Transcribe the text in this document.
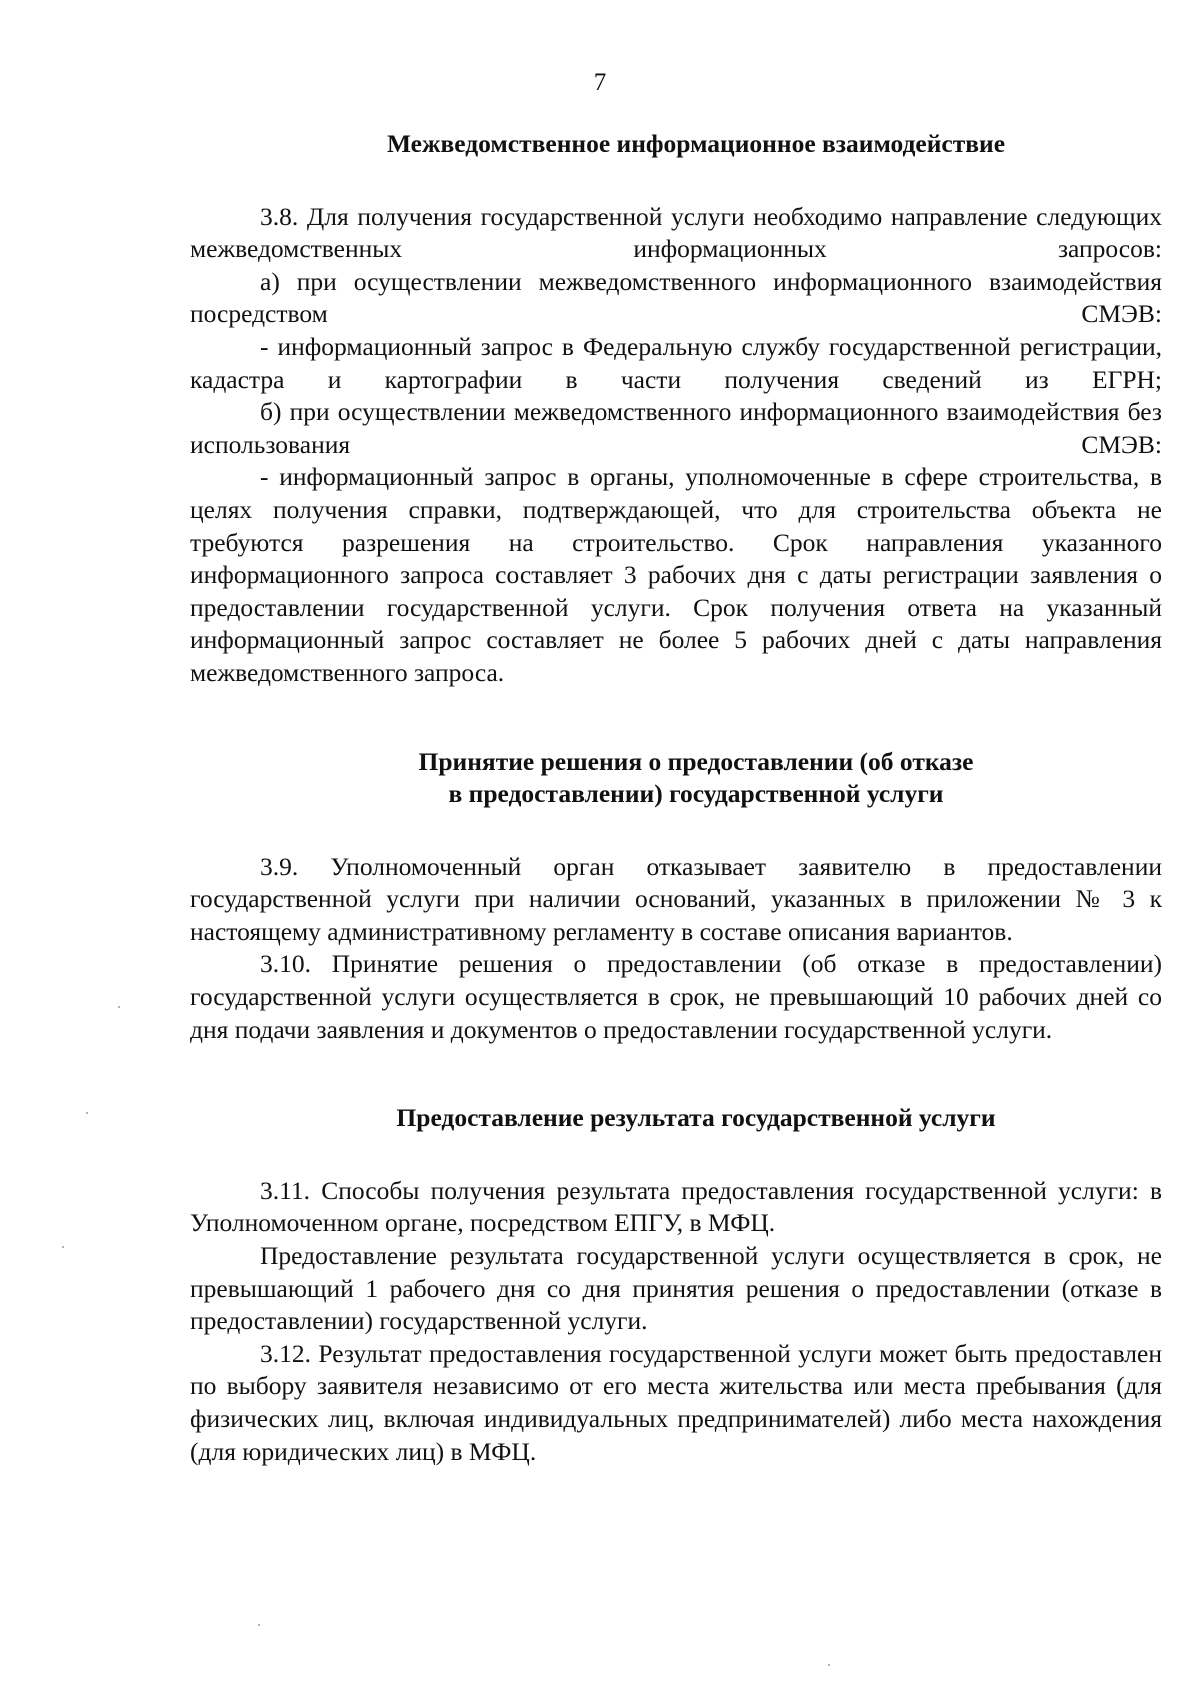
7
Межведомственное информационное взаимодействие

3.8. Для получения государственной услуги необходимо направление следующих межведомственных информационных запросов:

а) при осуществлении межведомственного информационного взаимодействия посредством СМЭВ:

- информационный запрос в Федеральную службу государственной регистрации, кадастра и картографии в части получения сведений из ЕГРН;

б) при осуществлении межведомственного информационного взаимодействия без использования СМЭВ:

- информационный запрос в органы, уполномоченные в сфере строительства, в целях получения справки, подтверждающей, что для строительства объекта не требуются разрешения на строительство. Срок направления указанного информационного запроса составляет 3 рабочих дня с даты регистрации заявления о предоставлении государственной услуги. Срок получения ответа на указанный информационный запрос составляет не более 5 рабочих дней с даты направления межведомственного запроса.

Принятие решения о предоставлении (об отказе
в предоставлении) государственной услуги

3.9. Уполномоченный орган отказывает заявителю в предоставлении государственной услуги при наличии оснований, указанных в приложении № 3 к настоящему административному регламенту в составе описания вариантов.

3.10. Принятие решения о предоставлении (об отказе в предоставлении) государственной услуги осуществляется в срок, не превышающий 10 рабочих дней со дня подачи заявления и документов о предоставлении государственной услуги.

Предоставление результата государственной услуги

3.11. Способы получения результата предоставления государственной услуги: в Уполномоченном органе, посредством ЕПГУ, в МФЦ.

Предоставление результата государственной услуги осуществляется в срок, не превышающий 1 рабочего дня со дня принятия решения о предоставлении (отказе в предоставлении) государственной услуги.

3.12. Результат предоставления государственной услуги может быть предоставлен по выбору заявителя независимо от его места жительства или места пребывания (для физических лиц, включая индивидуальных предпринимателей) либо места нахождения (для юридических лиц) в МФЦ.
